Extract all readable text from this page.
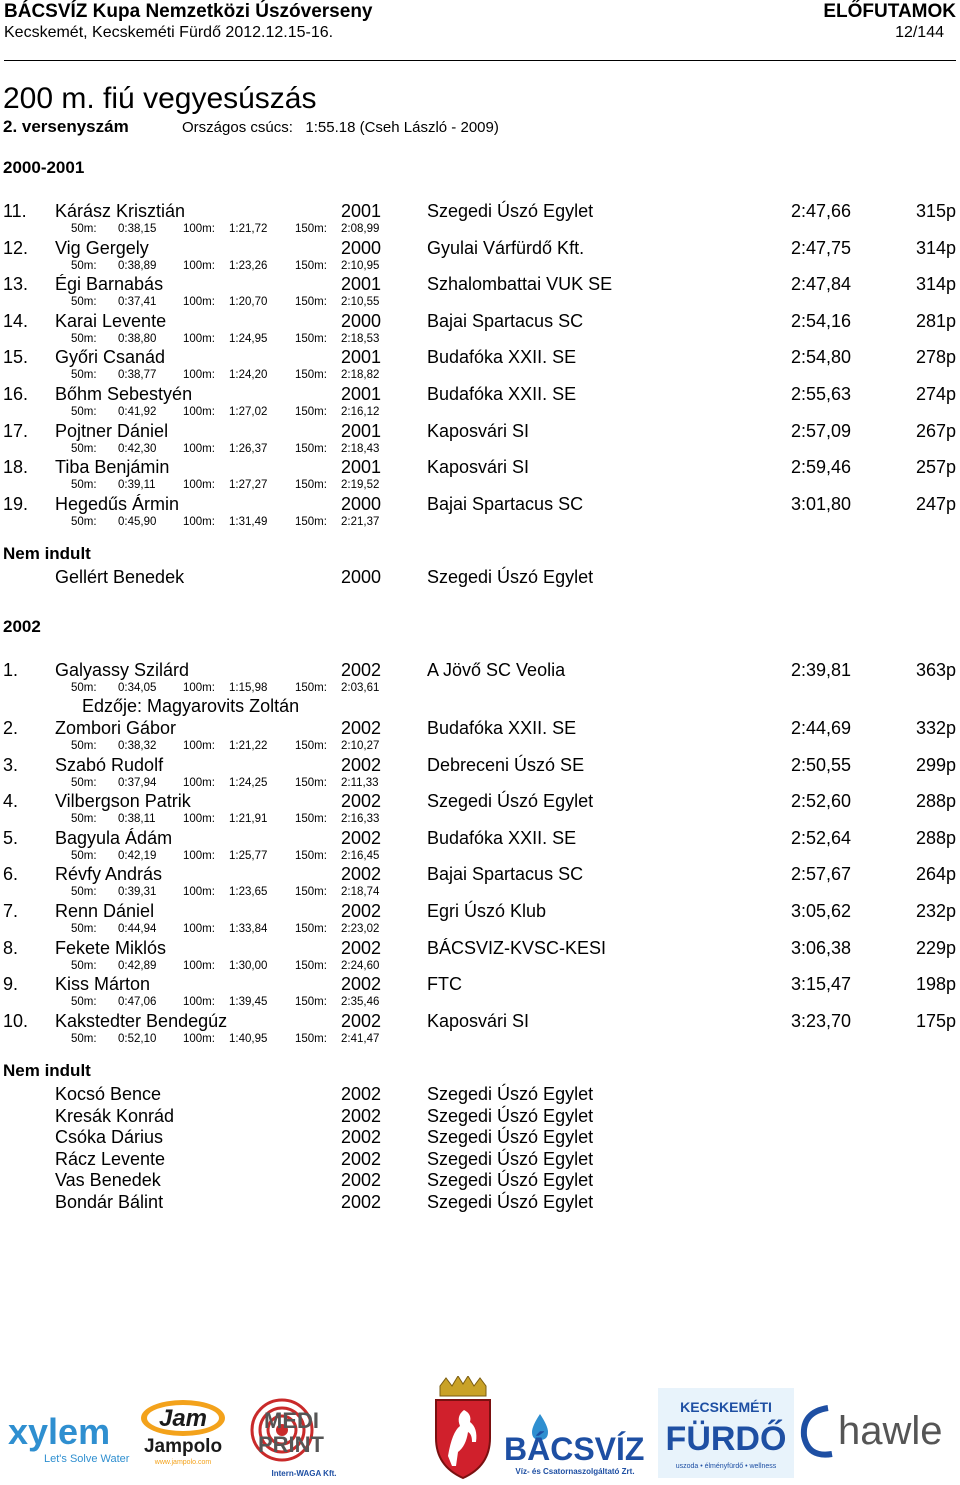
BÁCSVÍZ Kupa Nemzetközi Úszóverseny
Kecskemét, Kecskeméti Fürdő 2012.12.15-16.
ELŐFUTAMOK
12/144
200 m. fiú vegyesúszás
2. versenyszám	Országos csúcs: 1:55.18 (Cseh László - 2009)
2000-2001
11. Kárász Krisztián	2001	Szegedi Úszó Egylet	2:47,66	315p
50m: 0:38,15 100m: 1:21,72 150m: 2:08,99
12. Vig Gergely	2000	Gyulai Várfürdő Kft.	2:47,75	314p
50m: 0:38,89 100m: 1:23,26 150m: 2:10,95
13. Égi Barnabás	2001	Szhalombattai VUK SE	2:47,84	314p
50m: 0:37,41 100m: 1:20,70 150m: 2:10,55
14. Karai Levente	2000	Bajai Spartacus SC	2:54,16	281p
50m: 0:38,80 100m: 1:24,95 150m: 2:18,53
15. Győri Csanád	2001	Budafóka XXII. SE	2:54,80	278p
50m: 0:38,77 100m: 1:24,20 150m: 2:18,82
16. Bőhm Sebestyén	2001	Budafóka XXII. SE	2:55,63	274p
50m: 0:41,92 100m: 1:27,02 150m: 2:16,12
17. Pojtner Dániel	2001	Kaposvári SI	2:57,09	267p
50m: 0:42,30 100m: 1:26,37 150m: 2:18,43
18. Tiba Benjámin	2001	Kaposvári SI	2:59,46	257p
50m: 0:39,11 100m: 1:27,27 150m: 2:19,52
19. Hegedűs Ármin	2000	Bajai Spartacus SC	3:01,80	247p
50m: 0:45,90 100m: 1:31,49 150m: 2:21,37
Nem indult
Gellért Benedek	2000	Szegedi Úszó Egylet
2002
1. Galyassy Szilárd	2002	A Jövő SC Veolia	2:39,81	363p
50m: 0:34,05 100m: 1:15,98 150m: 2:03,61
Edzője: Magyarovits Zoltán
2. Zombori Gábor	2002	Budafóka XXII. SE	2:44,69	332p
50m: 0:38,32 100m: 1:21,22 150m: 2:10,27
3. Szabó Rudolf	2002	Debreceni Úszó SE	2:50,55	299p
50m: 0:37,94 100m: 1:24,25 150m: 2:11,33
4. Vilbergson Patrik	2002	Szegedi Úszó Egylet	2:52,60	288p
50m: 0:38,11 100m: 1:21,91 150m: 2:16,33
5. Bagyula Ádám	2002	Budafóka XXII. SE	2:52,64	288p
50m: 0:42,19 100m: 1:25,77 150m: 2:16,45
6. Révfy András	2002	Bajai Spartacus SC	2:57,67	264p
50m: 0:39,31 100m: 1:23,65 150m: 2:18,74
7. Renn Dániel	2002	Egri Úszó Klub	3:05,62	232p
50m: 0:44,94 100m: 1:33,84 150m: 2:23,02
8. Fekete Miklós	2002	BÁCSVIZ-KVSC-KESI	3:06,38	229p
50m: 0:42,89 100m: 1:30,00 150m: 2:24,60
9. Kiss Márton	2002	FTC	3:15,47	198p
50m: 0:47,06 100m: 1:39,45 150m: 2:35,46
10. Kakstedter Bendegúz	2002	Kaposvári SI	3:23,70	175p
50m: 0:52,10 100m: 1:40,95 150m: 2:41,47
Nem indult
Kocsó Bence	2002	Szegedi Úszó Egylet
Kresák Konrád	2002	Szegedi Úszó Egylet
Csóka Dárius	2002	Szegedi Úszó Egylet
Rácz Levente	2002	Szegedi Úszó Egylet
Vas Benedek	2002	Szegedi Úszó Egylet
Bondár Bálint	2002	Szegedi Úszó Egylet
xylem
Let's Solve Water
Jam
Jampolo
www.jampolo.com
MEDI
PRINT
Intern-WAGA Kft.
BÁCSVÍZ
Víz- és Csatornaszolgáltató Zrt.
KECSKEMÉTI
FÜRDŐ
uszoda • élményfürdő • wellness
hawle
